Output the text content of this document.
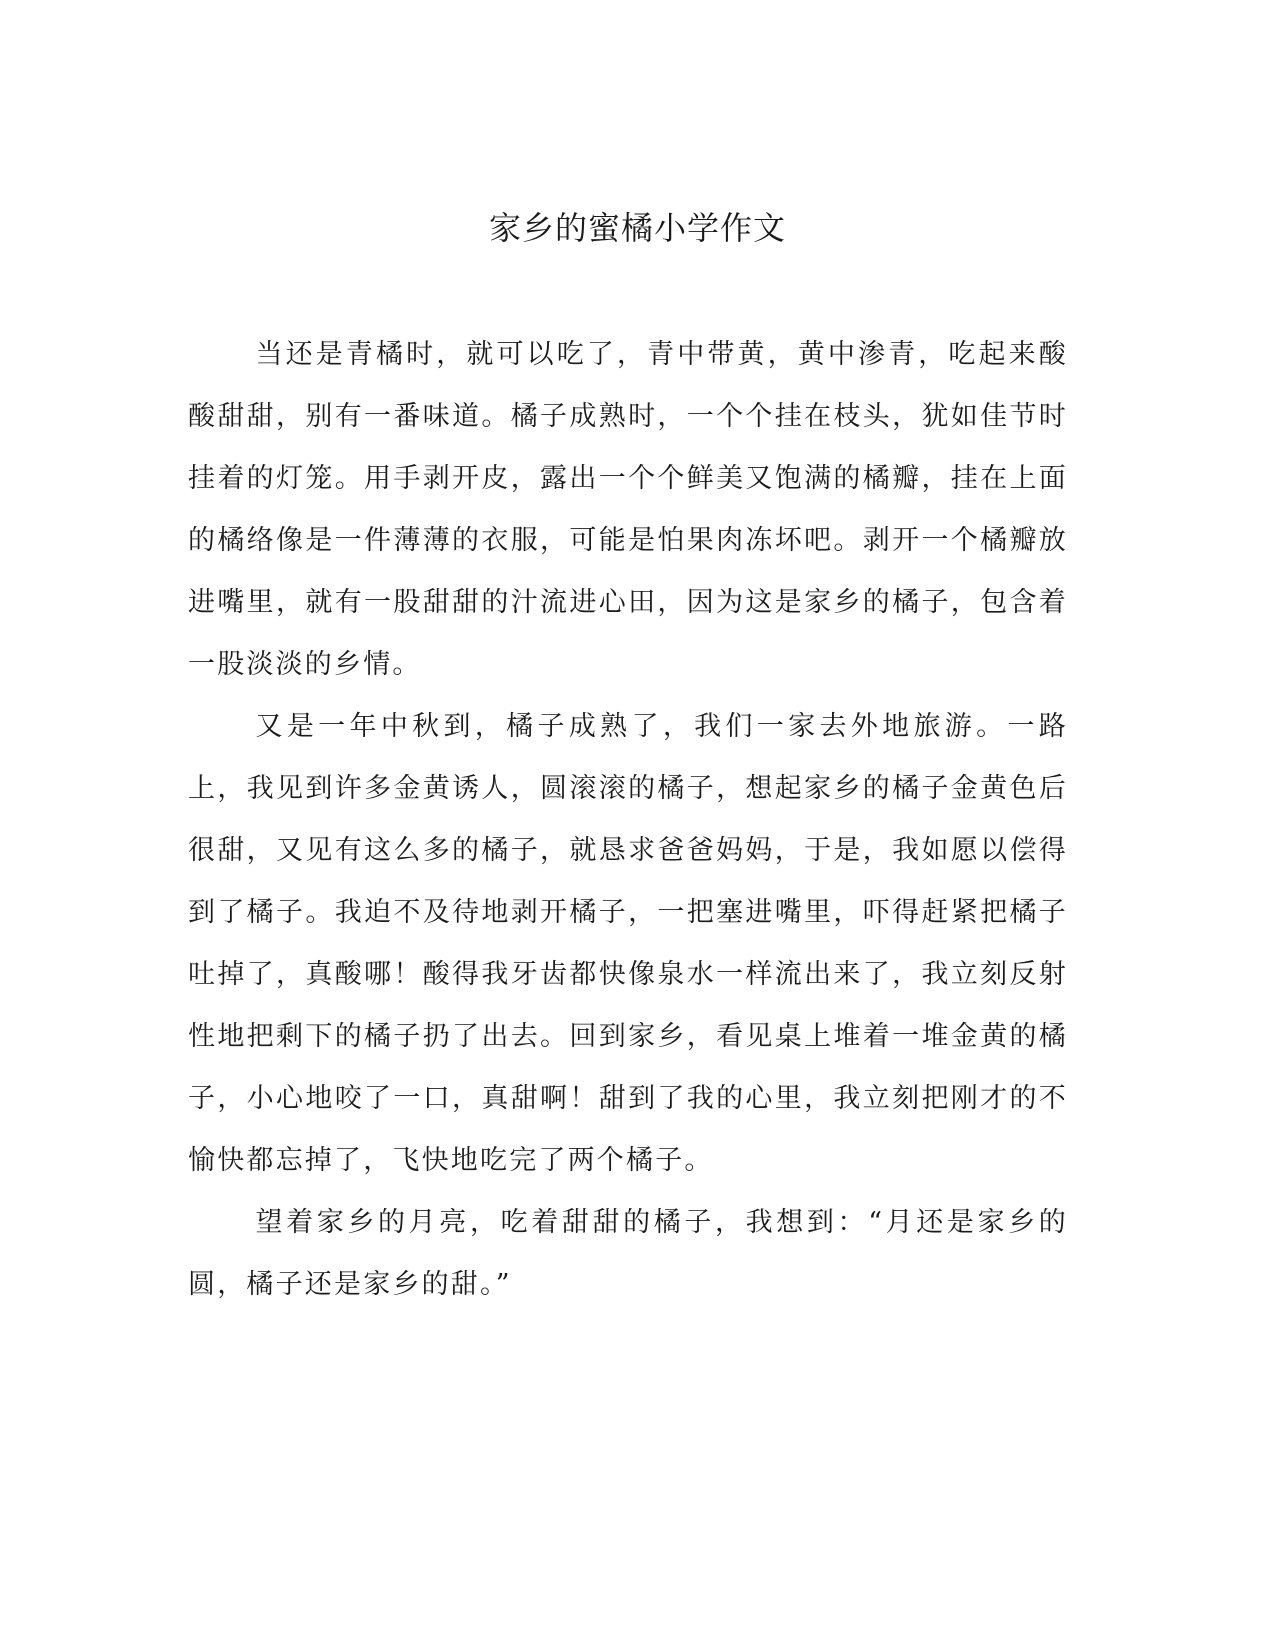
家乡的蜜橘小学作文

当还是青橘时，就可以吃了，青中带黄，黄中渗青，吃起来酸酸甜甜，别有一番味道。橘子成熟时，一个个挂在枝头，犹如佳节时挂着的灯笼。用手剥开皮，露出一个个鲜美又饱满的橘瓣，挂在上面的橘络像是一件薄薄的衣服，可能是怕果肉冻坏吧。剥开一个橘瓣放进嘴里，就有一股甜甜的汁流进心田，因为这是家乡的橘子，包含着一股淡淡的乡情。

又是一年中秋到，橘子成熟了，我们一家去外地旅游。一路上，我见到许多金黄诱人，圆滚滚的橘子，想起家乡的橘子金黄色后很甜，又见有这么多的橘子，就恳求爸爸妈妈，于是，我如愿以偿得到了橘子。我迫不及待地剥开橘子，一把塞进嘴里，吓得赶紧把橘子吐掉了，真酸哪！酸得我牙齿都快像泉水一样流出来了，我立刻反射性地把剩下的橘子扔了出去。回到家乡，看见桌上堆着一堆金黄的橘子，小心地咬了一口，真甜啊！甜到了我的心里，我立刻把刚才的不愉快都忘掉了，飞快地吃完了两个橘子。

望着家乡的月亮，吃着甜甜的橘子，我想到：“月还是家乡的圆，橘子还是家乡的甜。”
